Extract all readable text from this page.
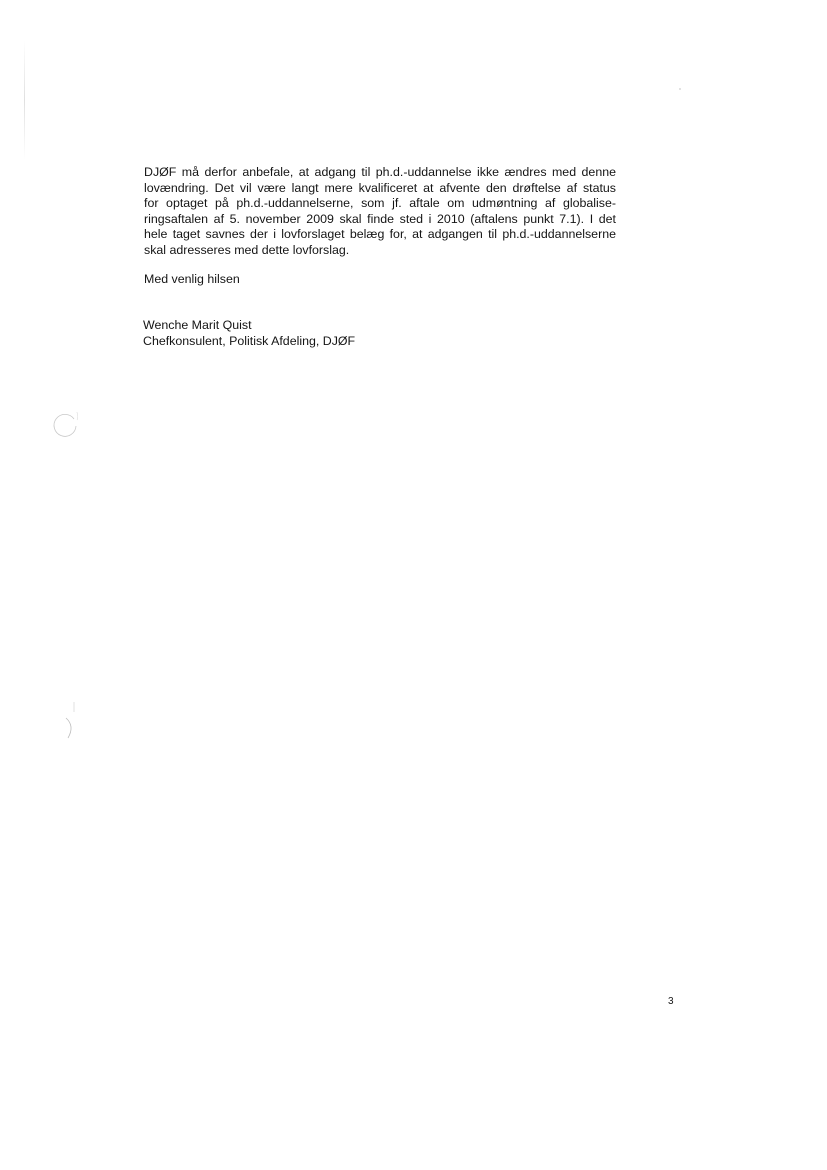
DJØF må derfor anbefale, at adgang til ph.d.-uddannelse ikke ændres med denne
lovændring. Det vil være langt mere kvalificeret at afvente den drøftelse af status
for optaget på ph.d.-uddannelserne, som jf. aftale om udmøntning af globalise-
ringsaftalen af 5. november 2009 skal finde sted i 2010 (aftalens punkt 7.1). I det
hele taget savnes der i lovforslaget belæg for, at adgangen til ph.d.-uddannelserne
skal adresseres med dette lovforslag.

Med venlig hilsen

Wenche Marit Quist
Chefkonsulent, Politisk Afdeling, DJØF

3
